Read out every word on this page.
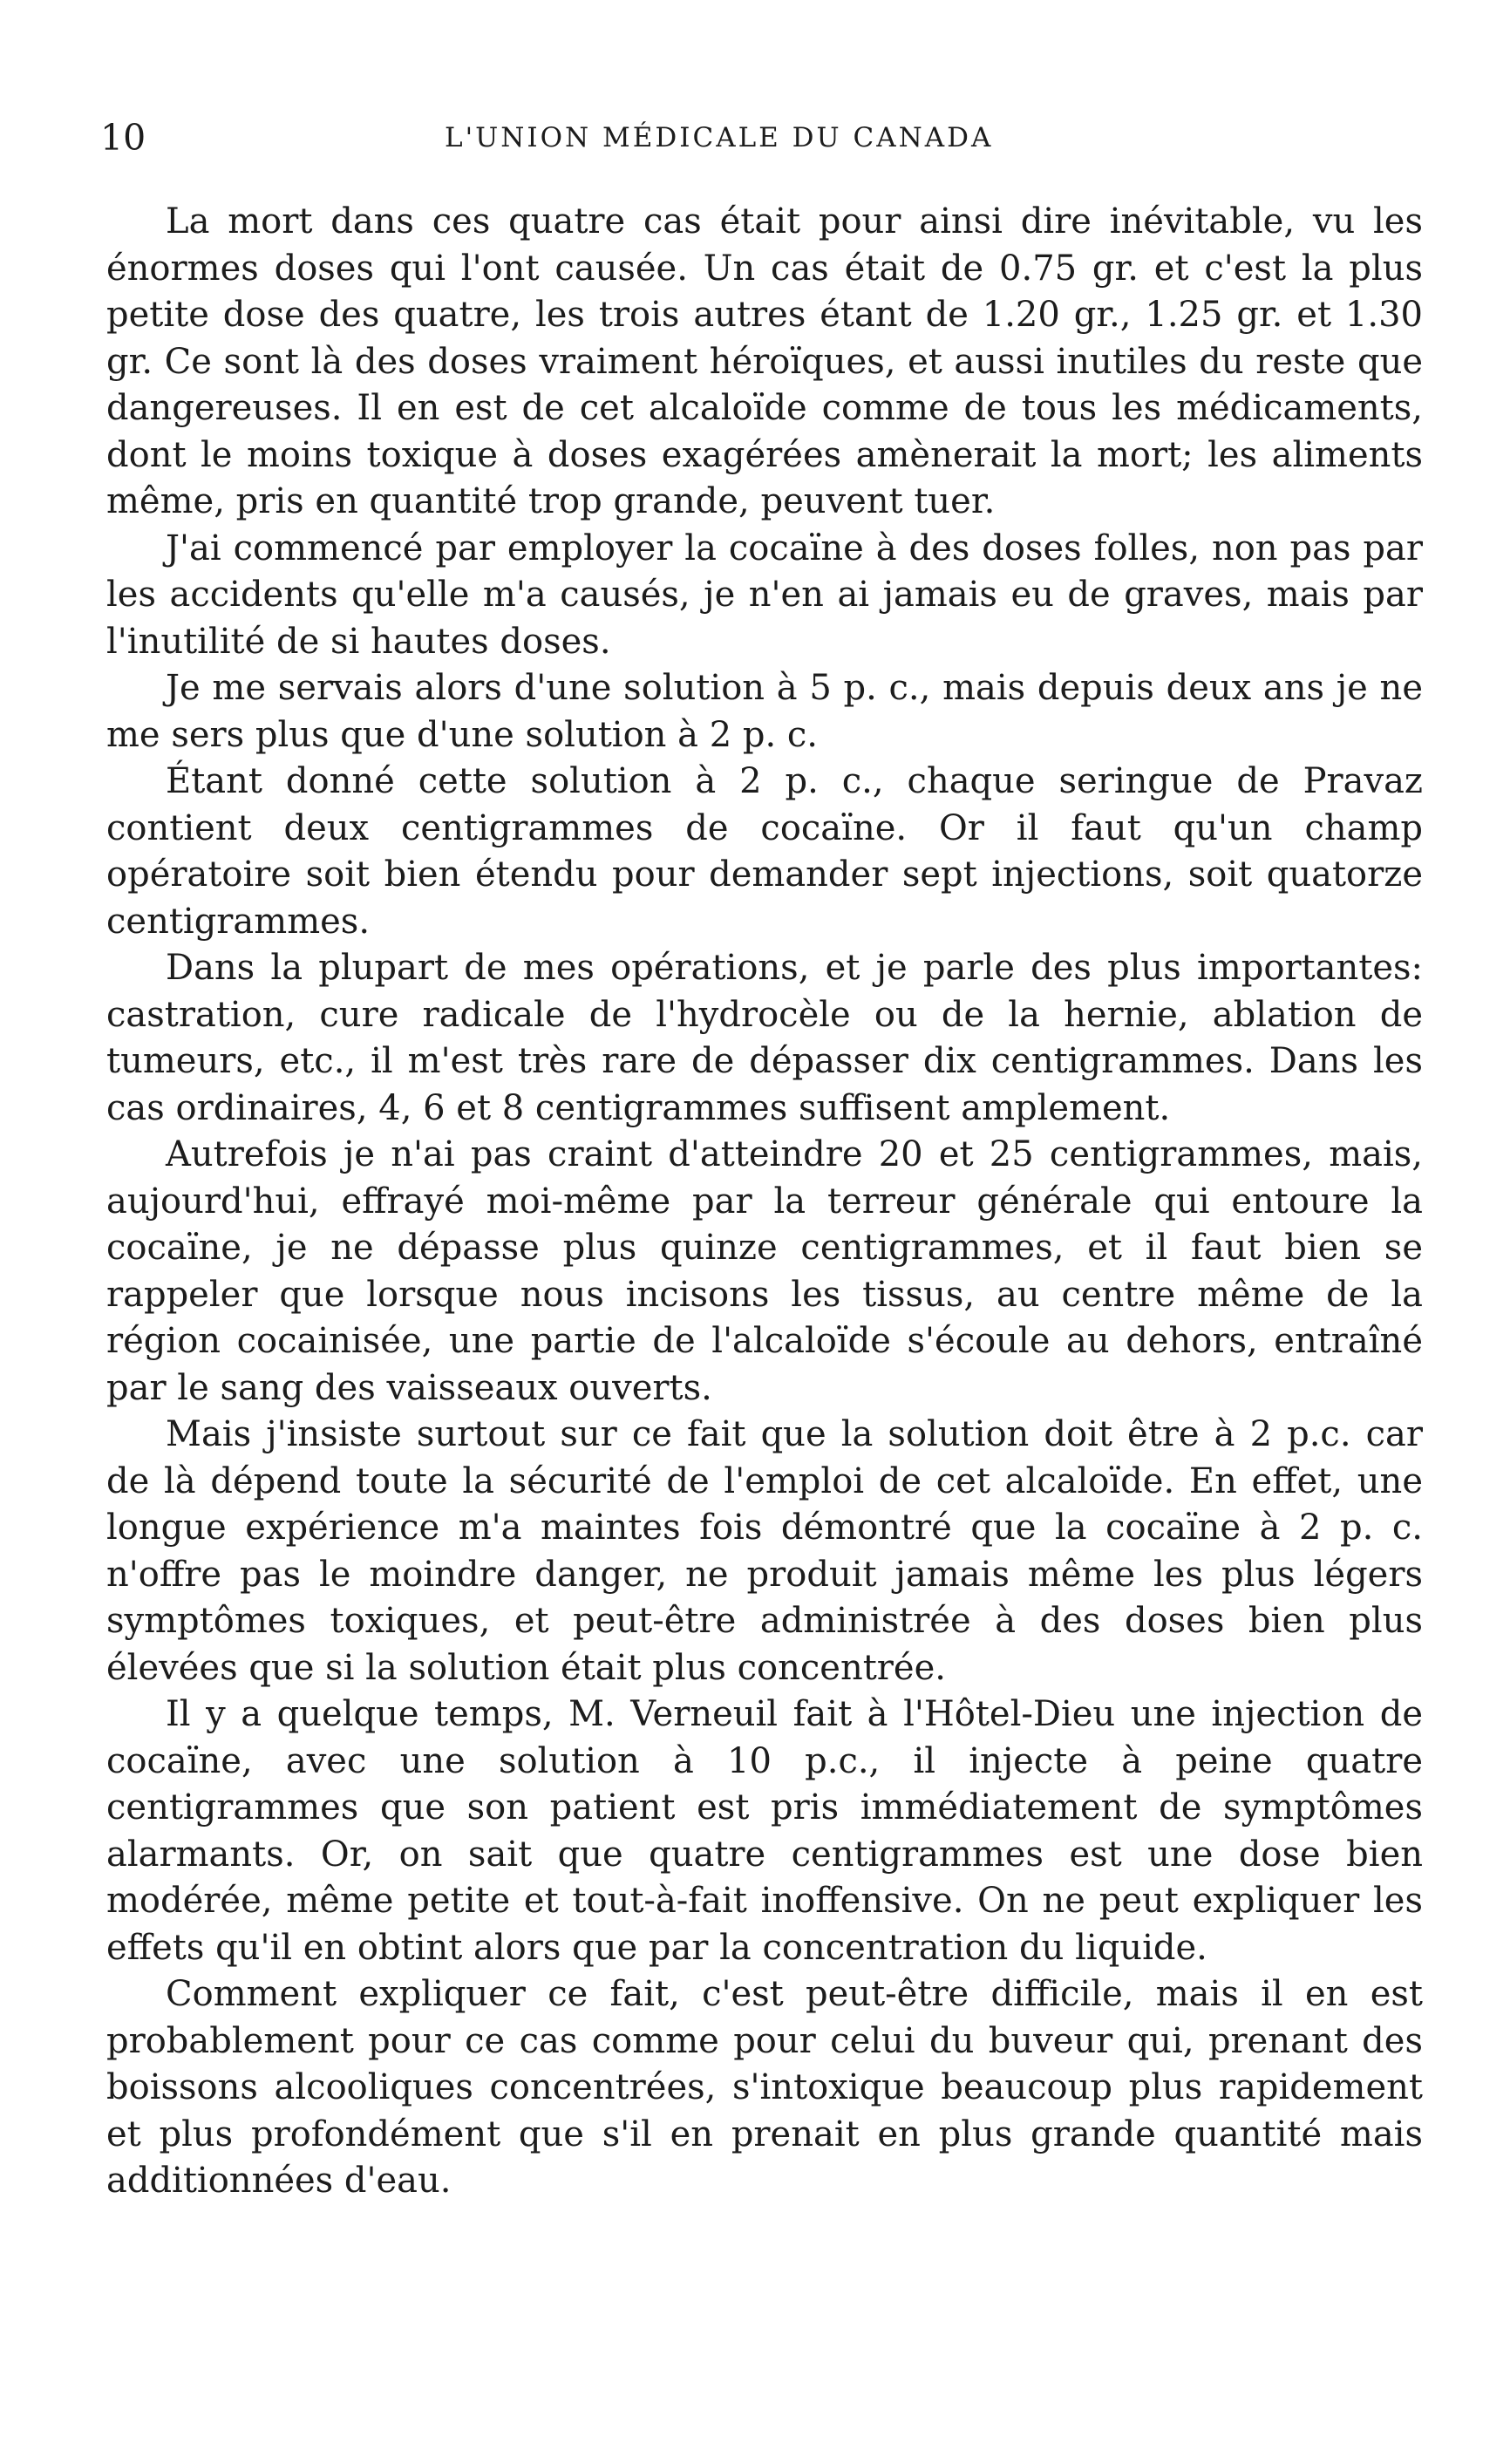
10	L'UNION MÉDICALE DU CANADA

La mort dans ces quatre cas était pour ainsi dire inévitable, vu les énormes doses qui l'ont causée. Un cas était de 0.75 gr. et c'est la plus petite dose des quatre, les trois autres étant de 1.20 gr., 1.25 gr. et 1.30 gr. Ce sont là des doses vraiment héroïques, et aussi inutiles du reste que dangereuses. Il en est de cet alcaloïde comme de tous les médicaments, dont le moins toxique à doses exagérées amènerait la mort; les aliments même, pris en quantité trop grande, peuvent tuer.

J'ai commencé par employer la cocaïne à des doses folles, non pas par les accidents qu'elle m'a causés, je n'en ai jamais eu de graves, mais par l'inutilité de si hautes doses.

Je me servais alors d'une solution à 5 p. c., mais depuis deux ans je ne me sers plus que d'une solution à 2 p. c.

Étant donné cette solution à 2 p. c., chaque seringue de Pravaz contient deux centigrammes de cocaïne. Or il faut qu'un champ opératoire soit bien étendu pour demander sept injections, soit quatorze centigrammes.

Dans la plupart de mes opérations, et je parle des plus importantes: castration, cure radicale de l'hydrocèle ou de la hernie, ablation de tumeurs, etc., il m'est très rare de dépasser dix centigrammes. Dans les cas ordinaires, 4, 6 et 8 centigrammes suffisent amplement.

Autrefois je n'ai pas craint d'atteindre 20 et 25 centigrammes, mais, aujourd'hui, effrayé moi-même par la terreur générale qui entoure la cocaïne, je ne dépasse plus quinze centigrammes, et il faut bien se rappeler que lorsque nous incisons les tissus, au centre même de la région cocainisée, une partie de l'alcaloïde s'écoule au dehors, entraîné par le sang des vaisseaux ouverts.

Mais j'insiste surtout sur ce fait que la solution doit être à 2 p.c. car de là dépend toute la sécurité de l'emploi de cet alcaloïde. En effet, une longue expérience m'a maintes fois démontré que la cocaïne à 2 p. c. n'offre pas le moindre danger, ne produit jamais même les plus légers symptômes toxiques, et peut-être administrée à des doses bien plus élevées que si la solution était plus concentrée.

Il y a quelque temps, M. Verneuil fait à l'Hôtel-Dieu une injection de cocaïne, avec une solution à 10 p.c., il injecte à peine quatre centigrammes que son patient est pris immédiatement de symptômes alarmants. Or, on sait que quatre centigrammes est une dose bien modérée, même petite et tout-à-fait inoffensive. On ne peut expliquer les effets qu'il en obtint alors que par la concentration du liquide.

Comment expliquer ce fait, c'est peut-être difficile, mais il en est probablement pour ce cas comme pour celui du buveur qui, prenant des boissons alcooliques concentrées, s'intoxique beaucoup plus rapidement et plus profondément que s'il en prenait en plus grande quantité mais additionnées d'eau.
